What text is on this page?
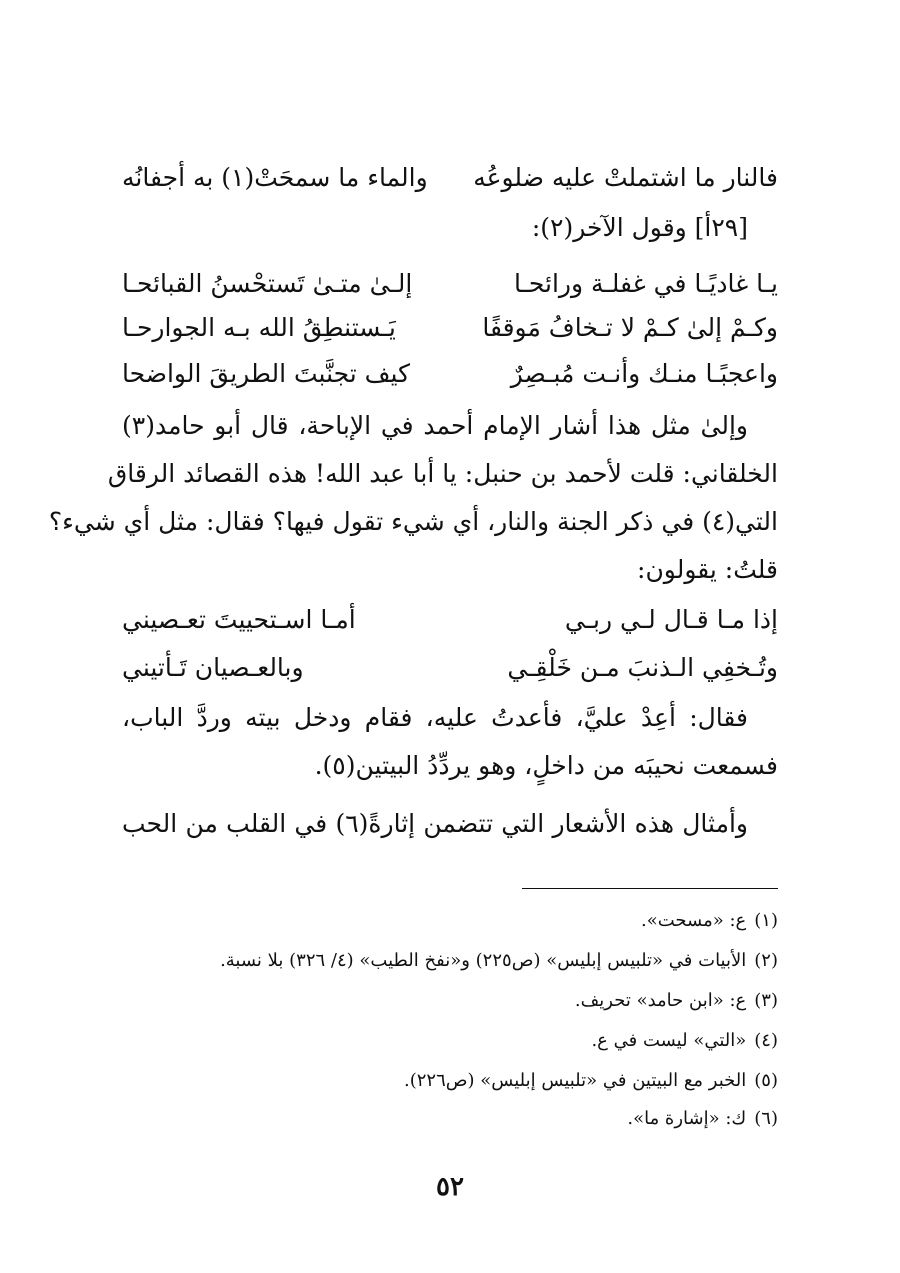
فالنار ما اشتملتْ عليه ضلوعُه
والماء ما سمحَتْ(١) به أجفانُه
[٢٩أ] وقول الآخر(٢):
يـا غاديًـا في غفلـة ورائحـا
إلـىٰ متـىٰ تَستحْسنُ القبائحـا
وكـمْ إلىٰ كـمْ لا تـخافُ مَوقفًا
يَـستنطِقُ الله بـه الجوارحـا
واعجبًـا منـك وأنـت مُبـصِرٌ
كيف تجنَّبتَ الطريقَ الواضحا
وإلىٰ مثل هذا أشار الإمام أحمد في الإباحة، قال أبو حامد(٣)
الخلقاني: قلت لأحمد بن حنبل: يا أبا عبد الله! هذه القصائد الرقاق
التي(٤) في ذكر الجنة والنار، أي شيء تقول فيها؟ فقال: مثل أي شيء؟
قلتُ: يقولون:
إذا مـا قـال لـي ربـي
أمـا اسـتحييتَ تعـصيني
وتُـخفِي الـذنبَ مـن خَلْقِـي
وبالعـصيان تَـأتيني
فقال: أعِدْ عليَّ، فأعدتُ عليه، فقام ودخل بيته وردَّ الباب،
فسمعت نحيبَه من داخلٍ، وهو يردِّدُ البيتين(٥).
وأمثال هذه الأشعار التي تتضمن إثارةً(٦) في القلب من الحب
(١)ع: «مسحت».
(٢)الأبيات في «تلبيس إبليس» (ص٢٢٥) و«نفخ الطيب» (٤/ ٣٢٦) بلا نسبة.
(٣)ع: «ابن حامد» تحريف.
(٤)«التي» ليست في ع.
(٥)الخبر مع البيتين في «تلبيس إبليس» (ص٢٢٦).
(٦)ك: «إشارة ما».
٥٢
